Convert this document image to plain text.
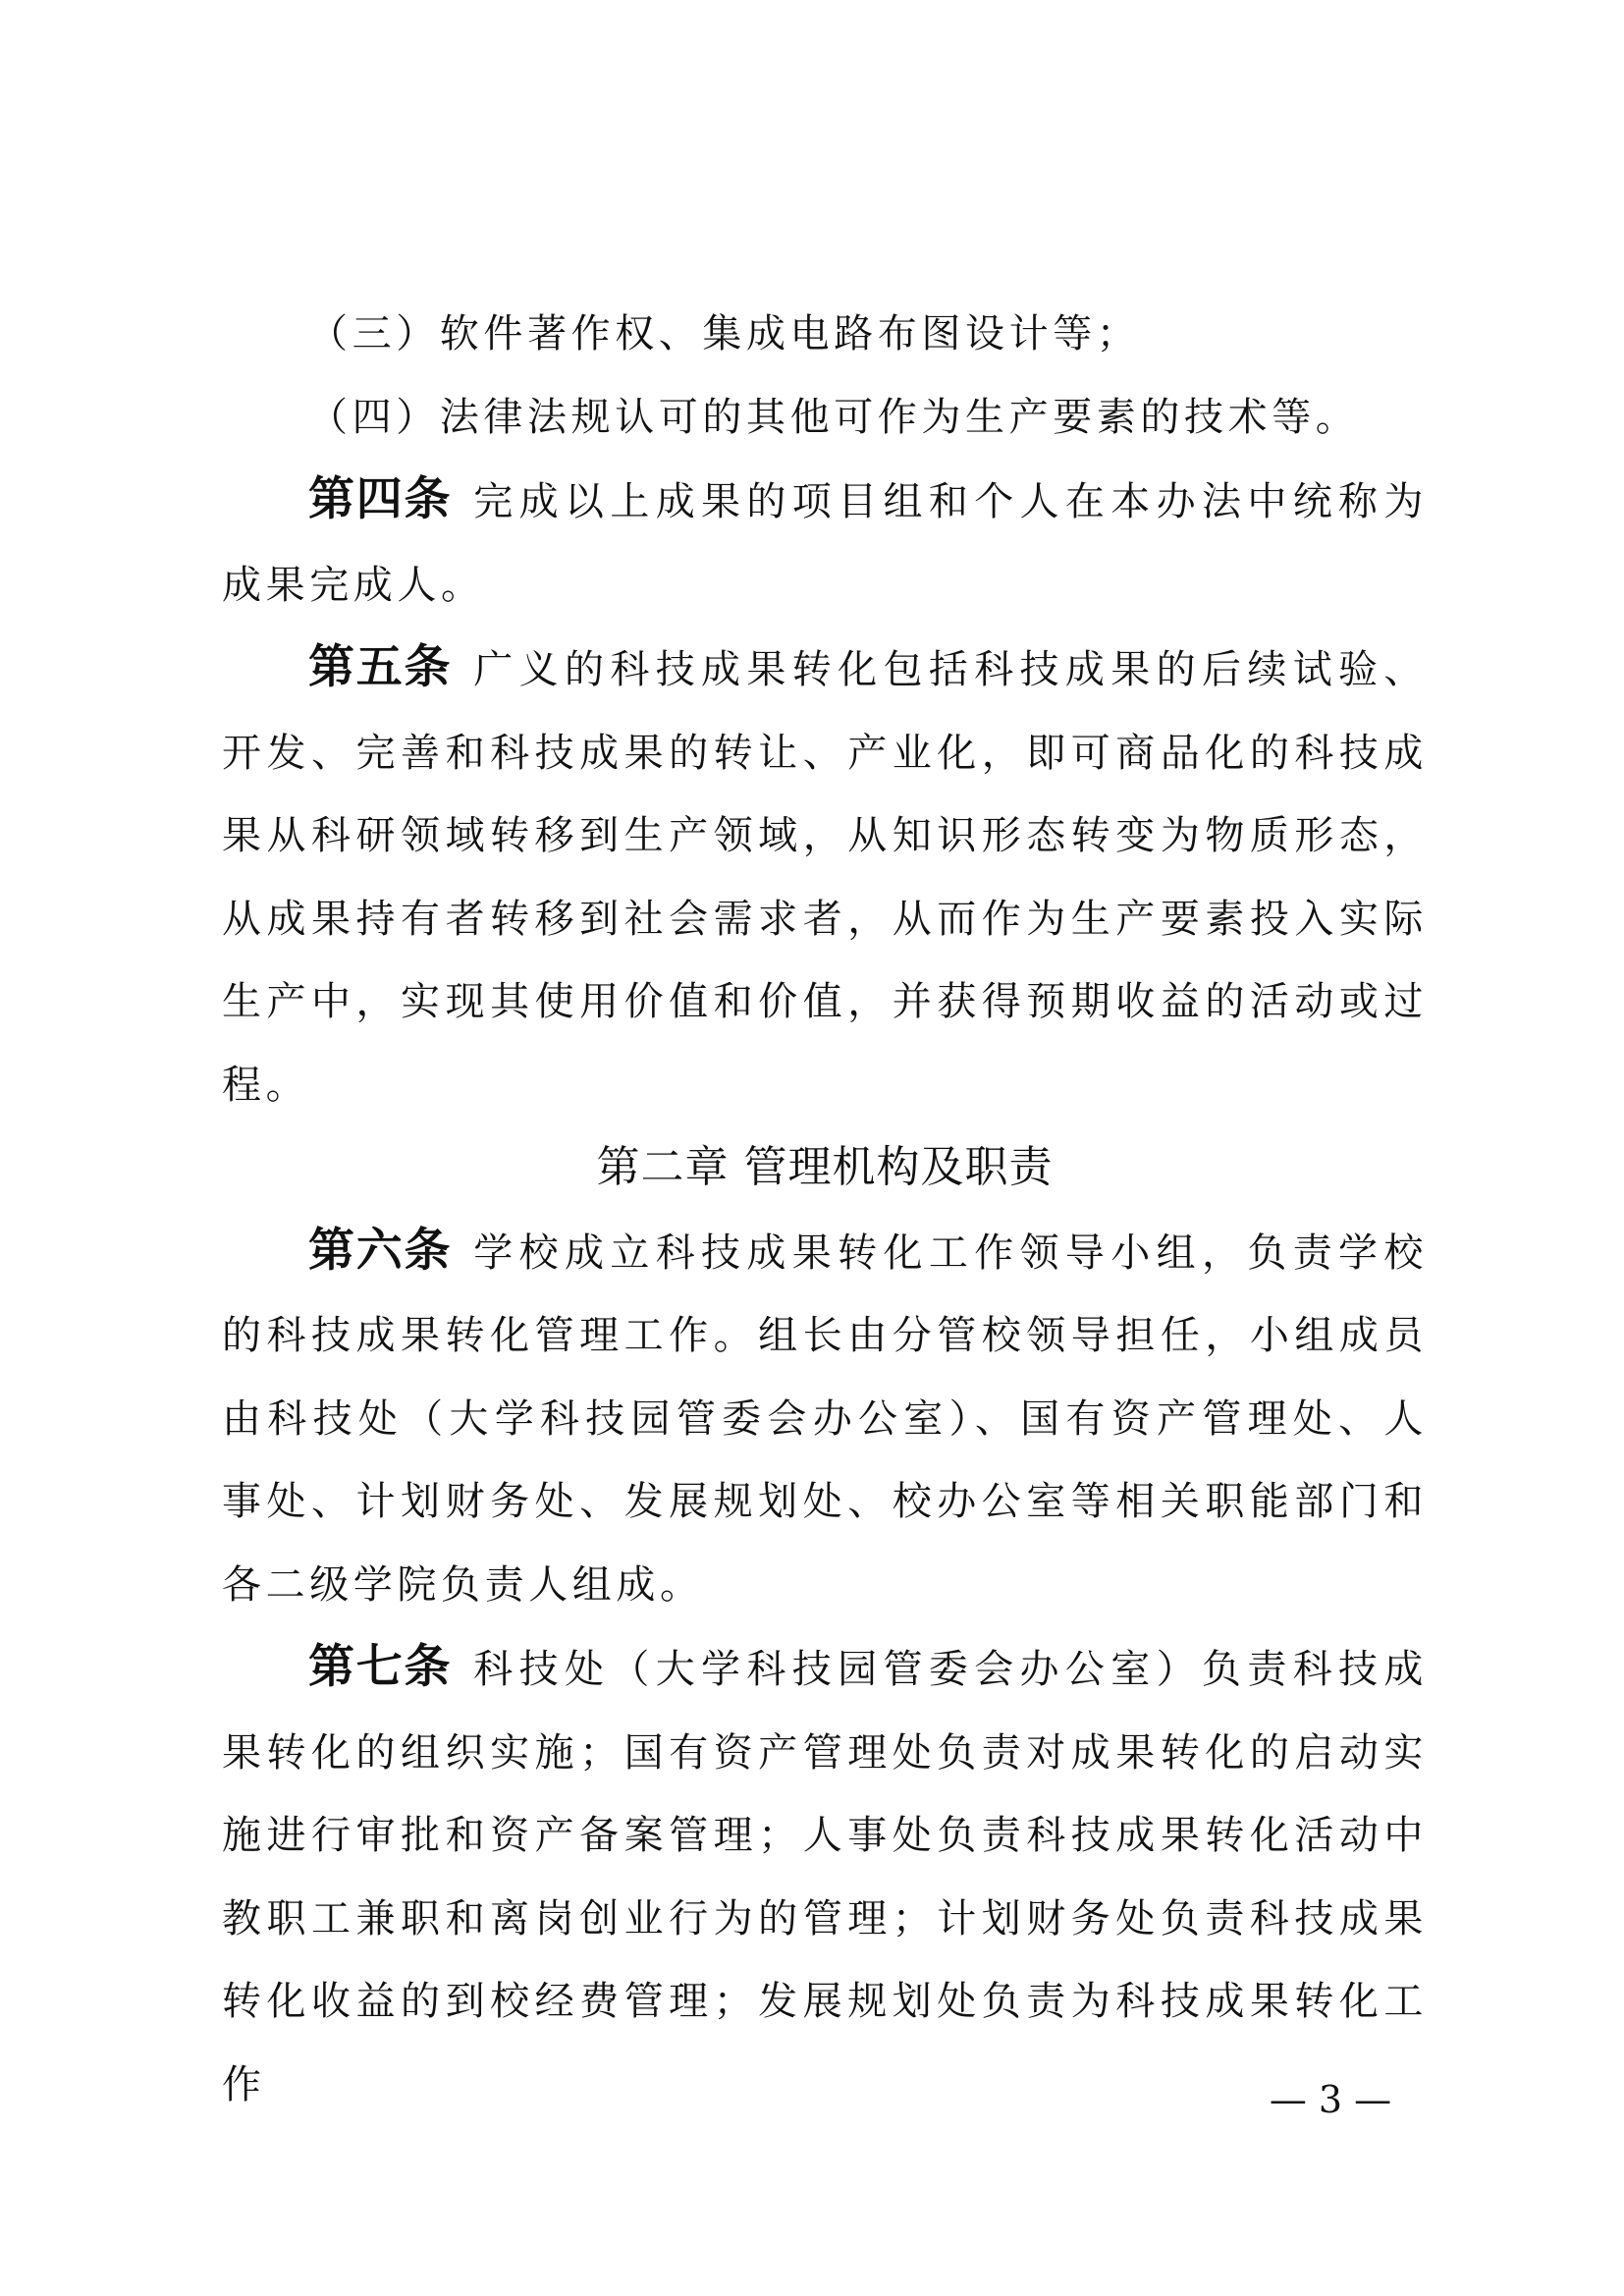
（三）软件著作权、集成电路布图设计等；

（四）法律法规认可的其他可作为生产要素的技术等。

第四条 完成以上成果的项目组和个人在本办法中统称为成果完成人。

第五条 广义的科技成果转化包括科技成果的后续试验、开发、完善和科技成果的转让、产业化，即可商品化的科技成果从科研领域转移到生产领域，从知识形态转变为物质形态，从成果持有者转移到社会需求者，从而作为生产要素投入实际生产中，实现其使用价值和价值，并获得预期收益的活动或过程。

第二章 管理机构及职责

第六条 学校成立科技成果转化工作领导小组，负责学校的科技成果转化管理工作。组长由分管校领导担任，小组成员由科技处（大学科技园管委会办公室）、国有资产管理处、人事处、计划财务处、发展规划处、校办公室等相关职能部门和各二级学院负责人组成。

第七条 科技处（大学科技园管委会办公室）负责科技成果转化的组织实施；国有资产管理处负责对成果转化的启动实施进行审批和资产备案管理；人事处负责科技成果转化活动中教职工兼职和离岗创业行为的管理；计划财务处负责科技成果转化收益的到校经费管理；发展规划处负责为科技成果转化工作	— 3 —
